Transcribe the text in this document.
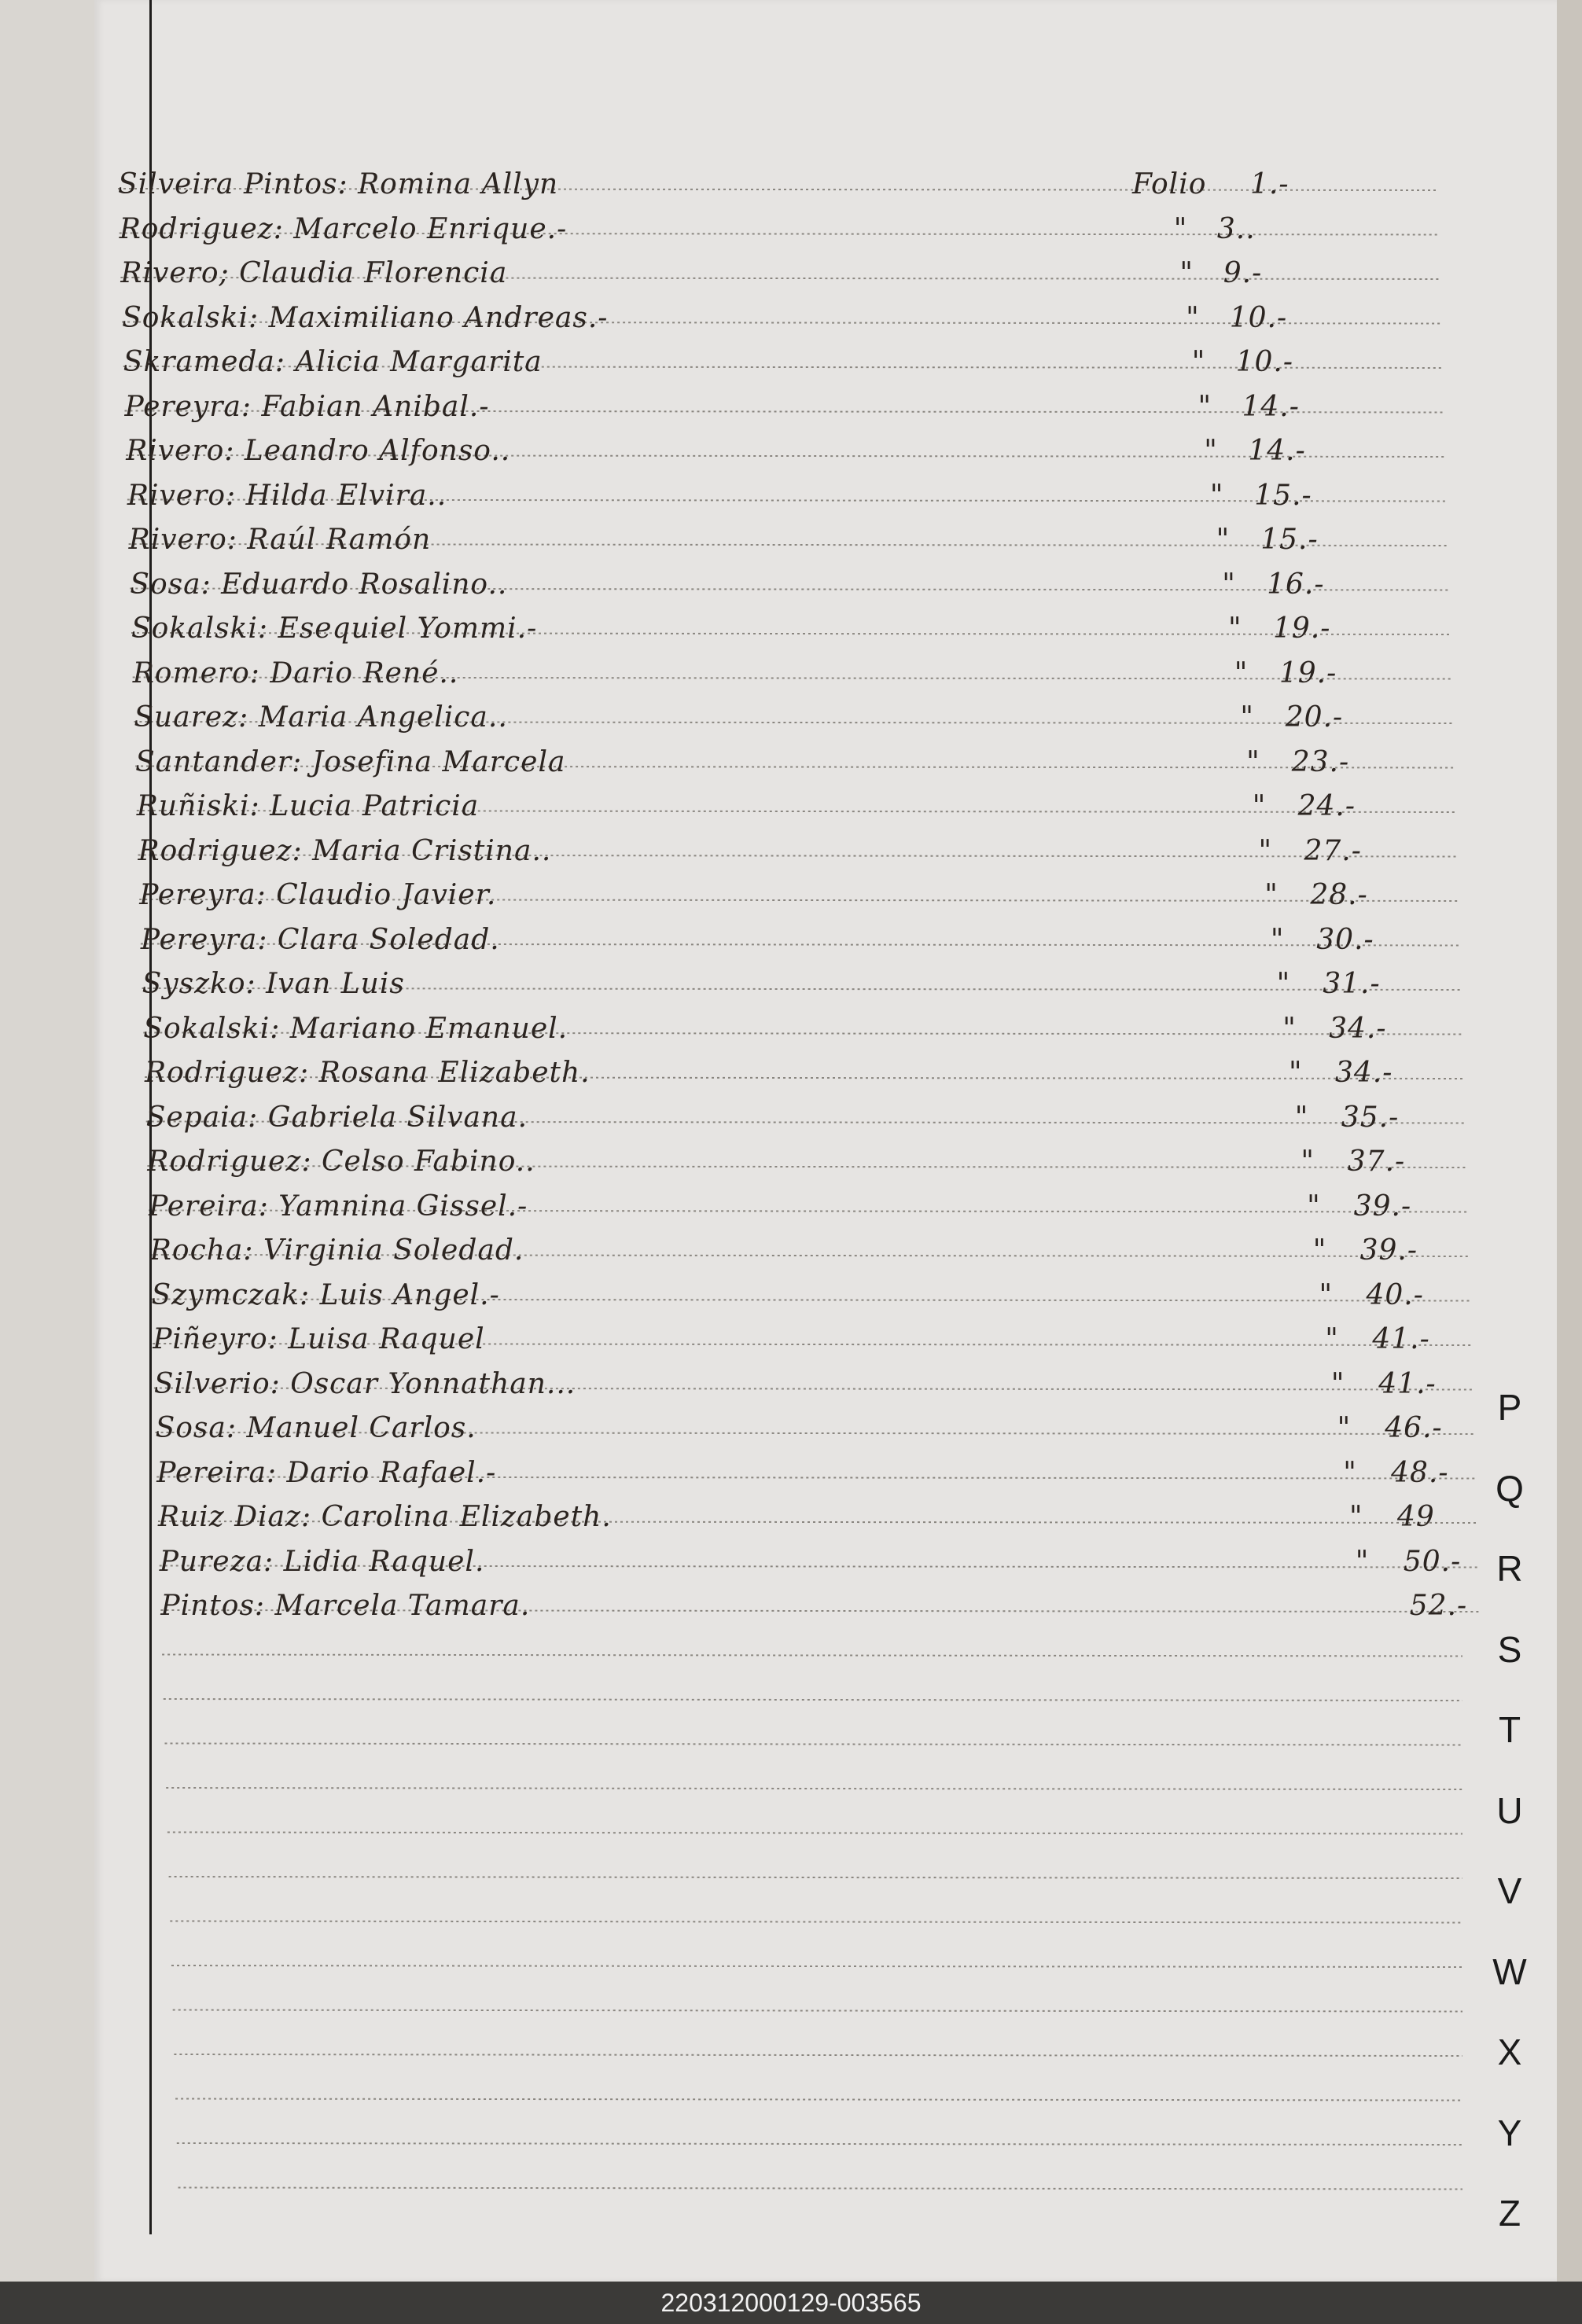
Silveira Pintos: Romina Allyn	Folio 1.-
Rodriguez: Marcelo Enrique.-	" 3..
Rivero; Claudia Florencia	" 9.-
Sokalski: Maximiliano Andreas.-	" 10.-
Skrameda: Alicia Margarita	" 10.-
Pereyra: Fabian Anibal.-	" 14.-
Rivero: Leandro Alfonso..	" 14.-
Rivero: Hilda Elvira..	" 15.-
Rivero: Raúl Ramón	" 15.-
Sosa: Eduardo Rosalino..	" 16.-
Sokalski: Esequiel Yommi.-	" 19.-
Romero: Dario René..	" 19.-
Suarez: Maria Angelica..	" 20.-
Santander: Josefina Marcela	" 23.-
Ruñiski: Lucia Patricia	" 24.-
Rodriguez: Maria Cristina..	" 27.-
Pereyra: Claudio Javier.	" 28.-
Pereyra: Clara Soledad.	" 30.-
Syszko: Ivan Luis	" 31.-
Sokalski: Mariano Emanuel.	" 34.-
Rodriguez: Rosana Elizabeth.	" 34.-
Sepaia: Gabriela Silvana.	" 35.-
Rodriguez: Celso Fabino..	" 37.-
Pereira: Yamnina Gissel.-	" 39.-
Rocha: Virginia Soledad.	" 39.-
Szymczak: Luis Angel.-	" 40.-
Piñeyro: Luisa Raquel	" 41.-
Silverio: Oscar Yonnathan...	" 41.-
Sosa: Manuel Carlos.	" 46.-
Pereira: Dario Rafael.-	" 48.-
Ruiz Diaz: Carolina Elizabeth.	" 49
Pureza: Lidia Raquel.	" 50.-
Pintos: Marcela Tamara.	52.-
P
Q
R
S
T
U
V
W
X
Y
Z
220312000129-003565
